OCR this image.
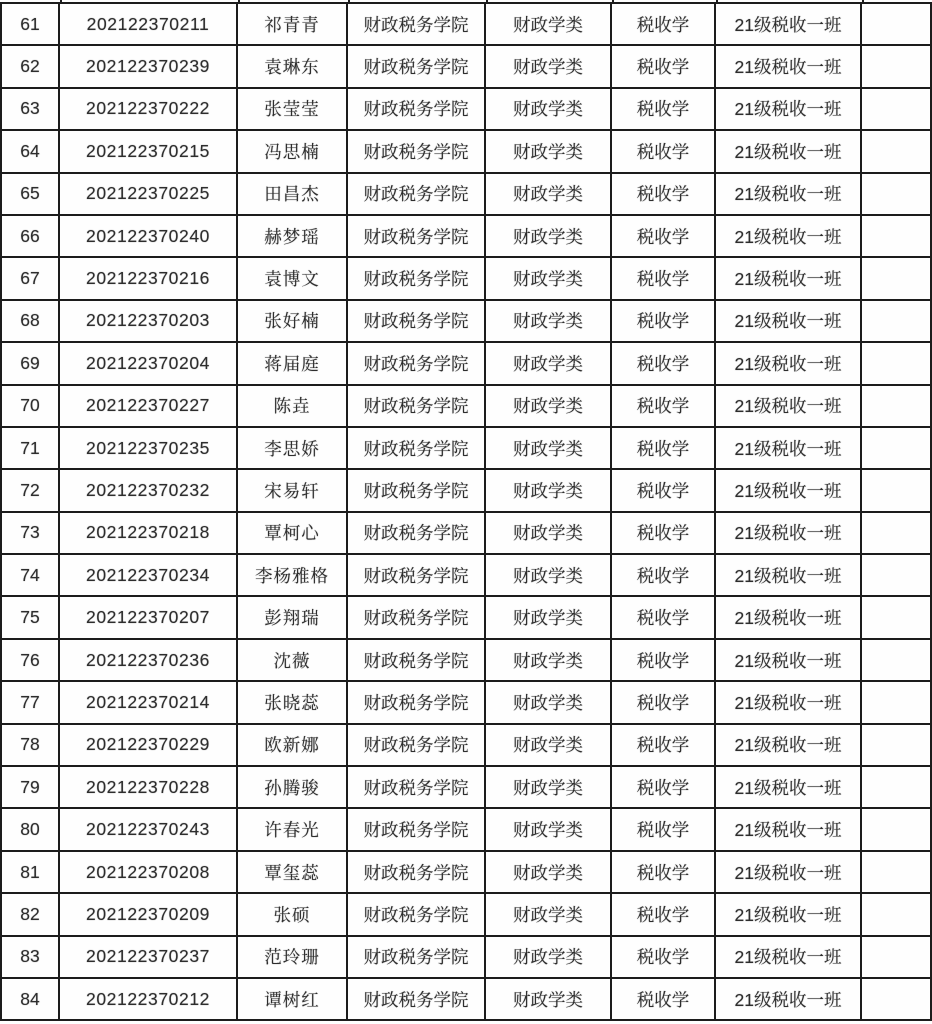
61	202122370211	祁青青	财政税务学院	财政学类	税收学	21级税收一班	
62	202122370239	袁琳东	财政税务学院	财政学类	税收学	21级税收一班	
63	202122370222	张莹莹	财政税务学院	财政学类	税收学	21级税收一班	
64	202122370215	冯思楠	财政税务学院	财政学类	税收学	21级税收一班	
65	202122370225	田昌杰	财政税务学院	财政学类	税收学	21级税收一班	
66	202122370240	赫梦瑶	财政税务学院	财政学类	税收学	21级税收一班	
67	202122370216	袁博文	财政税务学院	财政学类	税收学	21级税收一班	
68	202122370203	张好楠	财政税务学院	财政学类	税收学	21级税收一班	
69	202122370204	蒋届庭	财政税务学院	财政学类	税收学	21级税收一班	
70	202122370227	陈垚	财政税务学院	财政学类	税收学	21级税收一班	
71	202122370235	李思娇	财政税务学院	财政学类	税收学	21级税收一班	
72	202122370232	宋易轩	财政税务学院	财政学类	税收学	21级税收一班	
73	202122370218	覃柯心	财政税务学院	财政学类	税收学	21级税收一班	
74	202122370234	李杨雅格	财政税务学院	财政学类	税收学	21级税收一班	
75	202122370207	彭翔瑞	财政税务学院	财政学类	税收学	21级税收一班	
76	202122370236	沈薇	财政税务学院	财政学类	税收学	21级税收一班	
77	202122370214	张晓蕊	财政税务学院	财政学类	税收学	21级税收一班	
78	202122370229	欧新娜	财政税务学院	财政学类	税收学	21级税收一班	
79	202122370228	孙腾骏	财政税务学院	财政学类	税收学	21级税收一班	
80	202122370243	许春光	财政税务学院	财政学类	税收学	21级税收一班	
81	202122370208	覃玺蕊	财政税务学院	财政学类	税收学	21级税收一班	
82	202122370209	张硕	财政税务学院	财政学类	税收学	21级税收一班	
83	202122370237	范玲珊	财政税务学院	财政学类	税收学	21级税收一班	
84	202122370212	谭树红	财政税务学院	财政学类	税收学	21级税收一班	
